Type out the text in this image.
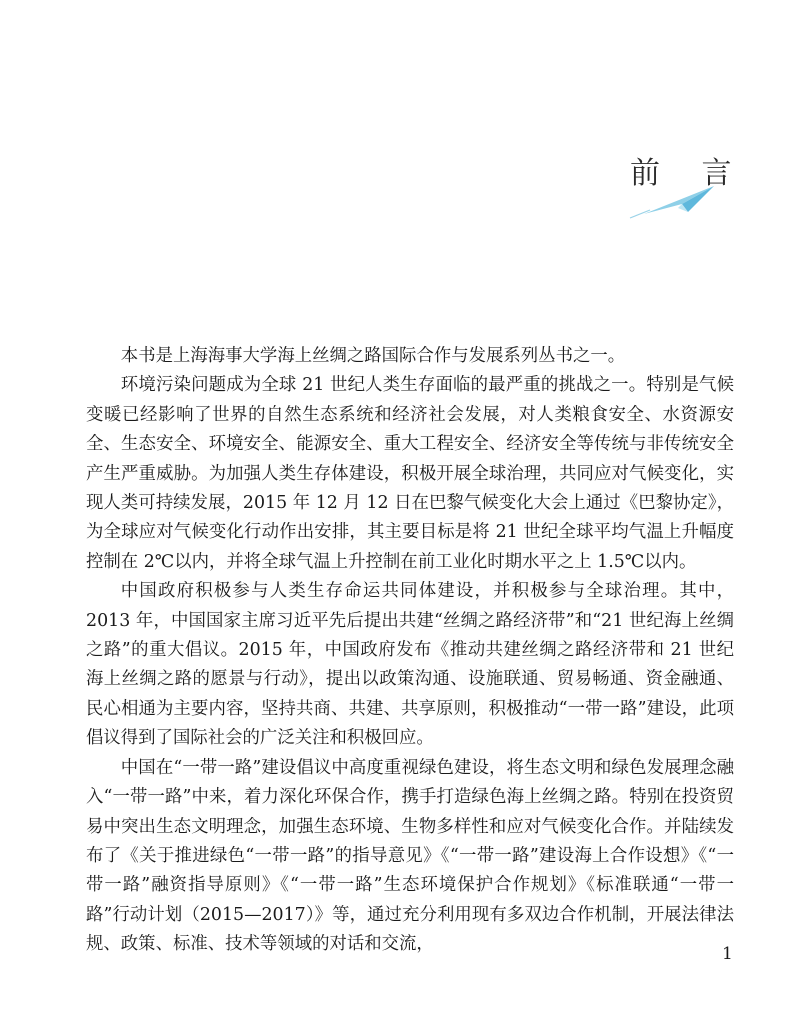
前 言

本书是上海海事大学海上丝绸之路国际合作与发展系列丛书之一。

环境污染问题成为全球 21 世纪人类生存面临的最严重的挑战之一。特别是气候变暖已经影响了世界的自然生态系统和经济社会发展，对人类粮食安全、水资源安全、生态安全、环境安全、能源安全、重大工程安全、经济安全等传统与非传统安全产生严重威胁。为加强人类生存体建设，积极开展全球治理，共同应对气候变化，实现人类可持续发展，2015 年 12 月 12 日在巴黎气候变化大会上通过《巴黎协定》，为全球应对气候变化行动作出安排，其主要目标是将 21 世纪全球平均气温上升幅度控制在 2℃以内，并将全球气温上升控制在前工业化时期水平之上 1.5℃以内。

中国政府积极参与人类生存命运共同体建设，并积极参与全球治理。其中，2013 年，中国国家主席习近平先后提出共建“丝绸之路经济带”和“21 世纪海上丝绸之路”的重大倡议。2015 年，中国政府发布《推动共建丝绸之路经济带和 21 世纪海上丝绸之路的愿景与行动》，提出以政策沟通、设施联通、贸易畅通、资金融通、民心相通为主要内容，坚持共商、共建、共享原则，积极推动“一带一路”建设，此项倡议得到了国际社会的广泛关注和积极回应。

中国在“一带一路”建设倡议中高度重视绿色建设，将生态文明和绿色发展理念融入“一带一路”中来，着力深化环保合作，携手打造绿色海上丝绸之路。特别在投资贸易中突出生态文明理念，加强生态环境、生物多样性和应对气候变化合作。并陆续发布了《关于推进绿色“一带一路”的指导意见》《“一带一路”建设海上合作设想》《“一带一路”融资指导原则》《“一带一路”生态环境保护合作规划》《标准联通“一带一路”行动计划（2015—2017）》等，通过充分利用现有多双边合作机制，开展法律法规、政策、标准、技术等领域的对话和交流，	1
